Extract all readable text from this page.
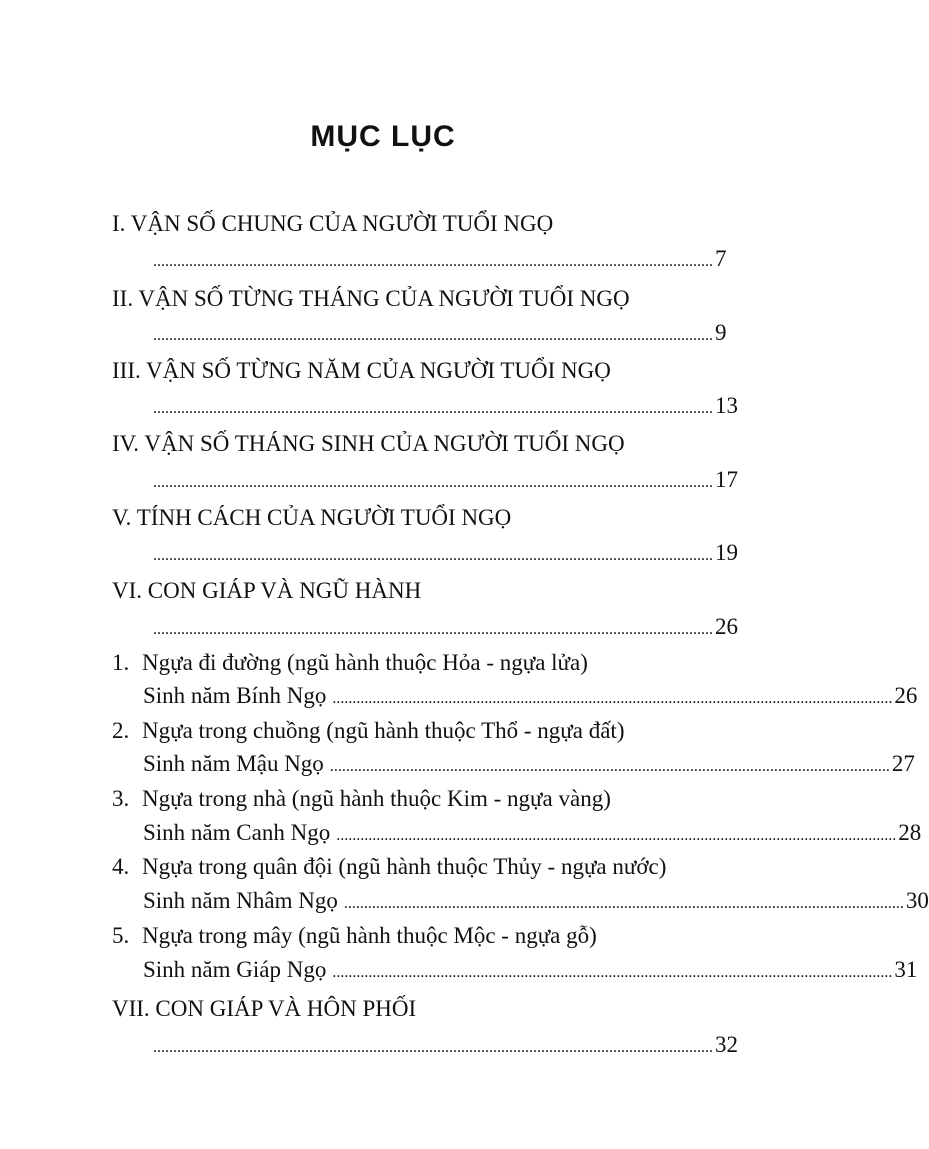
MỤC LỤC
I. VẬN SỐ CHUNG CỦA NGƯỜI TUỔI NGỌ
............................................................................................................................................ 7
II. VẬN SỐ TỪNG THÁNG CỦA NGƯỜI TUỔI NGỌ
............................................................................................................................................ 9
III. VẬN SỐ TỪNG NĂM CỦA NGƯỜI TUỔI NGỌ
............................................................................................................................................ 13
IV. VẬN SỐ THÁNG SINH CỦA NGƯỜI TUỔI NGỌ
............................................................................................................................................ 17
V. TÍNH CÁCH CỦA NGƯỜI TUỔI NGỌ
............................................................................................................................................ 19
VI. CON GIÁP VÀ NGŨ HÀNH
............................................................................................................................................ 26
1. Ngựa đi đường (ngũ hành thuộc Hỏa - ngựa lửa)
Sinh năm Bính Ngọ ............................................................................................................................................ 26
2. Ngựa trong chuồng (ngũ hành thuộc Thổ - ngựa đất)
Sinh năm Mậu Ngọ ............................................................................................................................................ 27
3. Ngựa trong nhà (ngũ hành thuộc Kim - ngựa vàng)
Sinh năm Canh Ngọ ............................................................................................................................................ 28
4. Ngựa trong quân đội (ngũ hành thuộc Thủy - ngựa nước)
Sinh năm Nhâm Ngọ ............................................................................................................................................ 30
5. Ngựa trong mây (ngũ hành thuộc Mộc - ngựa gỗ)
Sinh năm Giáp Ngọ ............................................................................................................................................ 31
VII. CON GIÁP VÀ HÔN PHỐI
............................................................................................................................................ 32
